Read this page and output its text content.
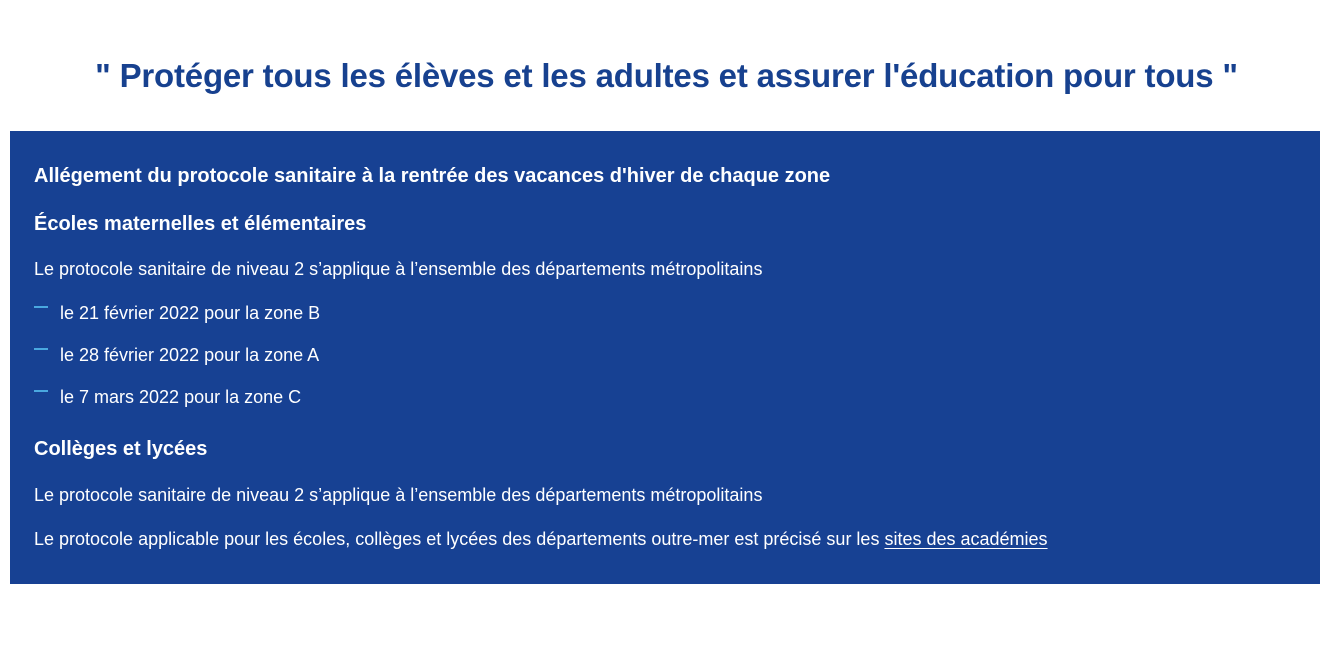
" Protéger tous les élèves et les adultes et assurer l'éducation pour tous "

Allégement du protocole sanitaire à la rentrée des vacances d'hiver de chaque zone

Écoles maternelles et élémentaires

Le protocole sanitaire de niveau 2 s’applique à l’ensemble des départements métropolitains

le 21 février 2022 pour la zone B
le 28 février 2022 pour la zone A
le 7 mars 2022 pour la zone C

Collèges et lycées

Le protocole sanitaire de niveau 2 s’applique à l’ensemble des départements métropolitains

Le protocole applicable pour les écoles, collèges et lycées des départements outre-mer est précisé sur les sites des académies
